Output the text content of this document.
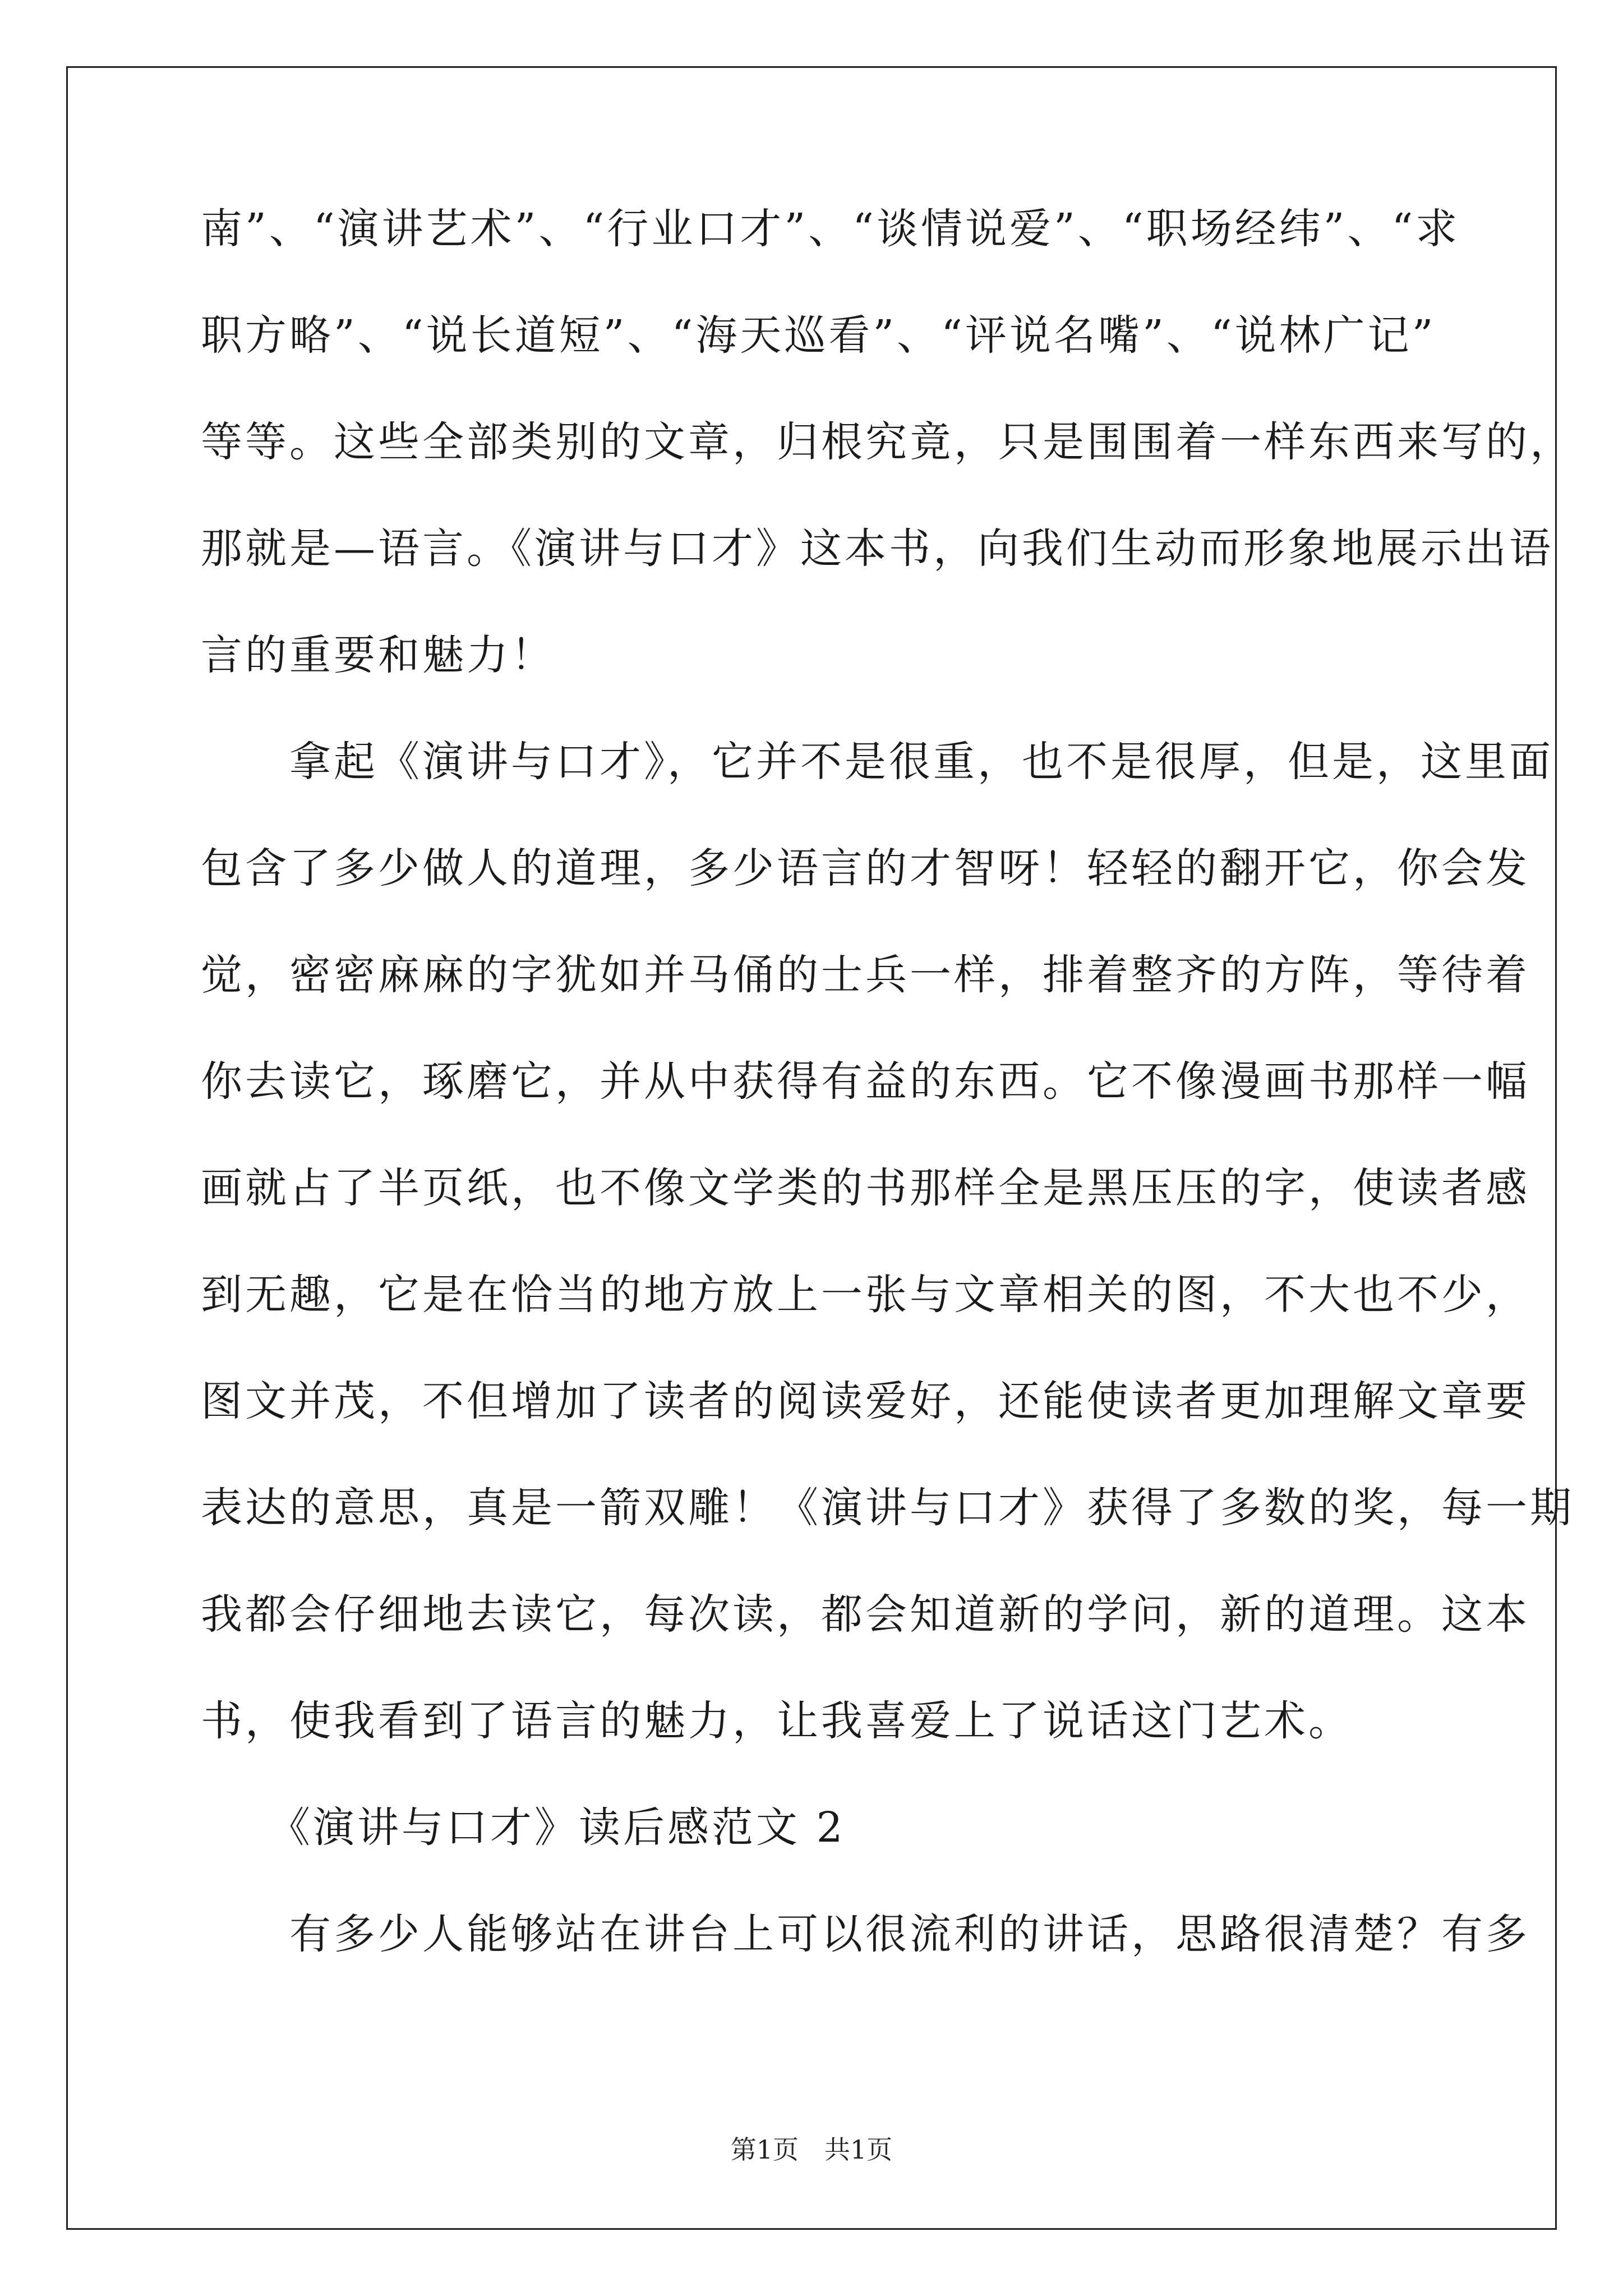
南”、“演讲艺术”、“行业口才”、“谈情说爱”、“职场经纬”、“求
职方略”、“说长道短”、“海天巡看”、“评说名嘴”、“说林广记”
等等。这些全部类别的文章，归根究竟，只是围围着一样东西来写的，
那就是—语言。《演讲与口才》这本书，向我们生动而形象地展示出语
言的重要和魅力！
　　拿起《演讲与口才》，它并不是很重，也不是很厚，但是，这里面
包含了多少做人的道理，多少语言的才智呀！轻轻的翻开它，你会发
觉，密密麻麻的字犹如并马俑的士兵一样，排着整齐的方阵，等待着
你去读它，琢磨它，并从中获得有益的东西。它不像漫画书那样一幅
画就占了半页纸，也不像文学类的书那样全是黑压压的字，使读者感
到无趣，它是在恰当的地方放上一张与文章相关的图，不大也不少，
图文并茂，不但增加了读者的阅读爱好，还能使读者更加理解文章要
表达的意思，真是一箭双雕！《演讲与口才》获得了多数的奖，每一期
我都会仔细地去读它，每次读，都会知道新的学问，新的道理。这本
书，使我看到了语言的魅力，让我喜爱上了说话这门艺术。
　　《演讲与口才》读后感范文 2
　　有多少人能够站在讲台上可以很流利的讲话，思路很清楚？有多
第1页　共1页
